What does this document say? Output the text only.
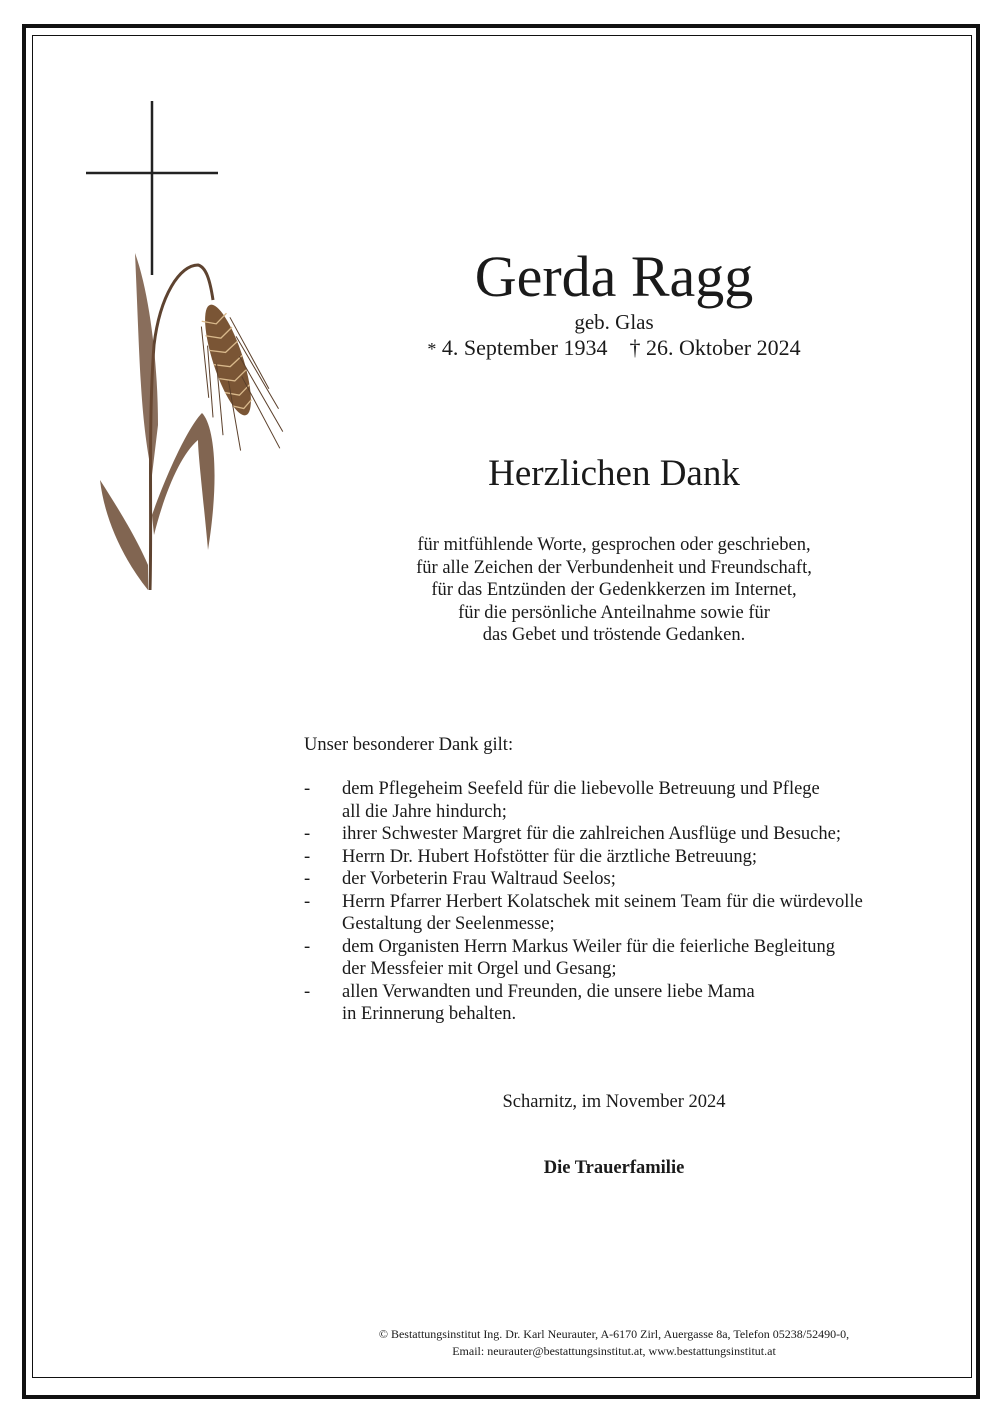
Gerda Ragg
geb. Glas
* 4. September 1934 † 26. Oktober 2024
Herzlichen Dank
für mitfühlende Worte, gesprochen oder geschrieben,
für alle Zeichen der Verbundenheit und Freundschaft,
für das Entzünden der Gedenkkerzen im Internet,
für die persönliche Anteilnahme sowie für
das Gebet und tröstende Gedanken.
Unser besonderer Dank gilt:
- dem Pflegeheim Seefeld für die liebevolle Betreuung und Pflege
all die Jahre hindurch;
- ihrer Schwester Margret für die zahlreichen Ausflüge und Besuche;
- Herrn Dr. Hubert Hofstötter für die ärztliche Betreuung;
- der Vorbeterin Frau Waltraud Seelos;
- Herrn Pfarrer Herbert Kolatschek mit seinem Team für die würdevolle
Gestaltung der Seelenmesse;
- dem Organisten Herrn Markus Weiler für die feierliche Begleitung
der Messfeier mit Orgel und Gesang;
- allen Verwandten und Freunden, die unsere liebe Mama
in Erinnerung behalten.
Scharnitz, im November 2024
Die Trauerfamilie
© Bestattungsinstitut Ing. Dr. Karl Neurauter, A-6170 Zirl, Auergasse 8a, Telefon 05238/52490-0,
Email: neurauter@bestattungsinstitut.at, www.bestattungsinstitut.at
